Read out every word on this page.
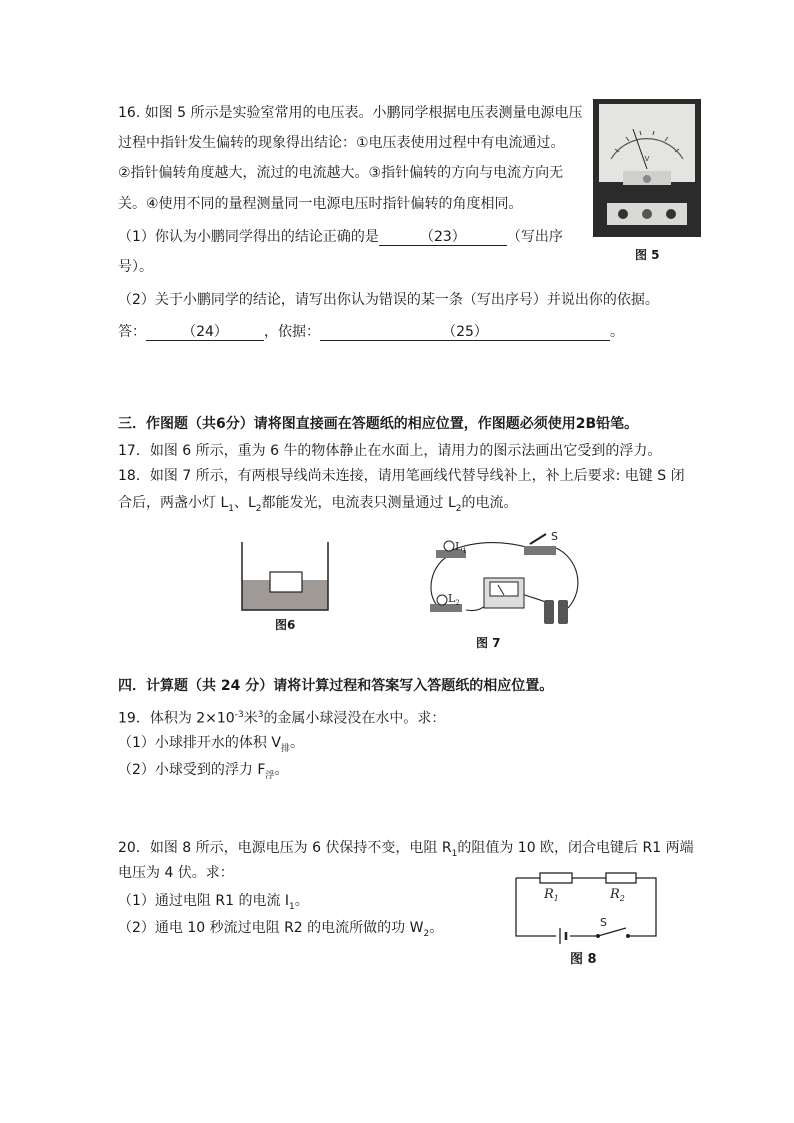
16. 如图 5 所示是实验室常用的电压表。小鹏同学根据电压表测量电源电压
过程中指针发生偏转的现象得出结论：①电压表使用过程中有电流通过。
②指针偏转角度越大，流过的电流越大。③指针偏转的方向与电流方向无
关。④使用不同的量程测量同一电源电压时指针偏转的角度相同。
（1）你认为小鹏同学得出的结论正确的是	（23）	（写出序
号）。
（2）关于小鹏同学的结论，请写出你认为错误的某一条（写出序号）并说出你的依据。
答：	（24）	，依据：	（25）	。
V
图 5
三．作图题（共6分）请将图直接画在答题纸的相应位置，作图题必须使用2B铅笔。
17．如图 6 所示，重为 6 牛的物体静止在水面上，请用力的图示法画出它受到的浮力。
18．如图 7 所示，有两根导线尚未连接，请用笔画线代替导线补上，补上后要求: 电键 S 闭
合后，两盏小灯 $L_1$、$L_2$都能发光，电流表只测量通过 $L_2$的电流。
图6
$L_1$
$L_2$
S
图 7
四．计算题（共 24 分）请将计算过程和答案写入答题纸的相应位置。
19．体积为 $2\times 10^{-3}$米$^3$的金属小球浸没在水中。求：
（1）小球排开水的体积 $V_排$。
（2）小球受到的浮力 $F_浮$。
20．如图 8 所示，电源电压为 6 伏保持不变，电阻 $R_1$的阻值为 10 欧，闭合电键后 R1 两端
电压为 4 伏。求：
（1）通过电阻 R1 的电流 $I_1$。
（2）通电 10 秒流过电阻 R2 的电流所做的功 $W_2$。
$R_1$	$R_2$
S
图 8
